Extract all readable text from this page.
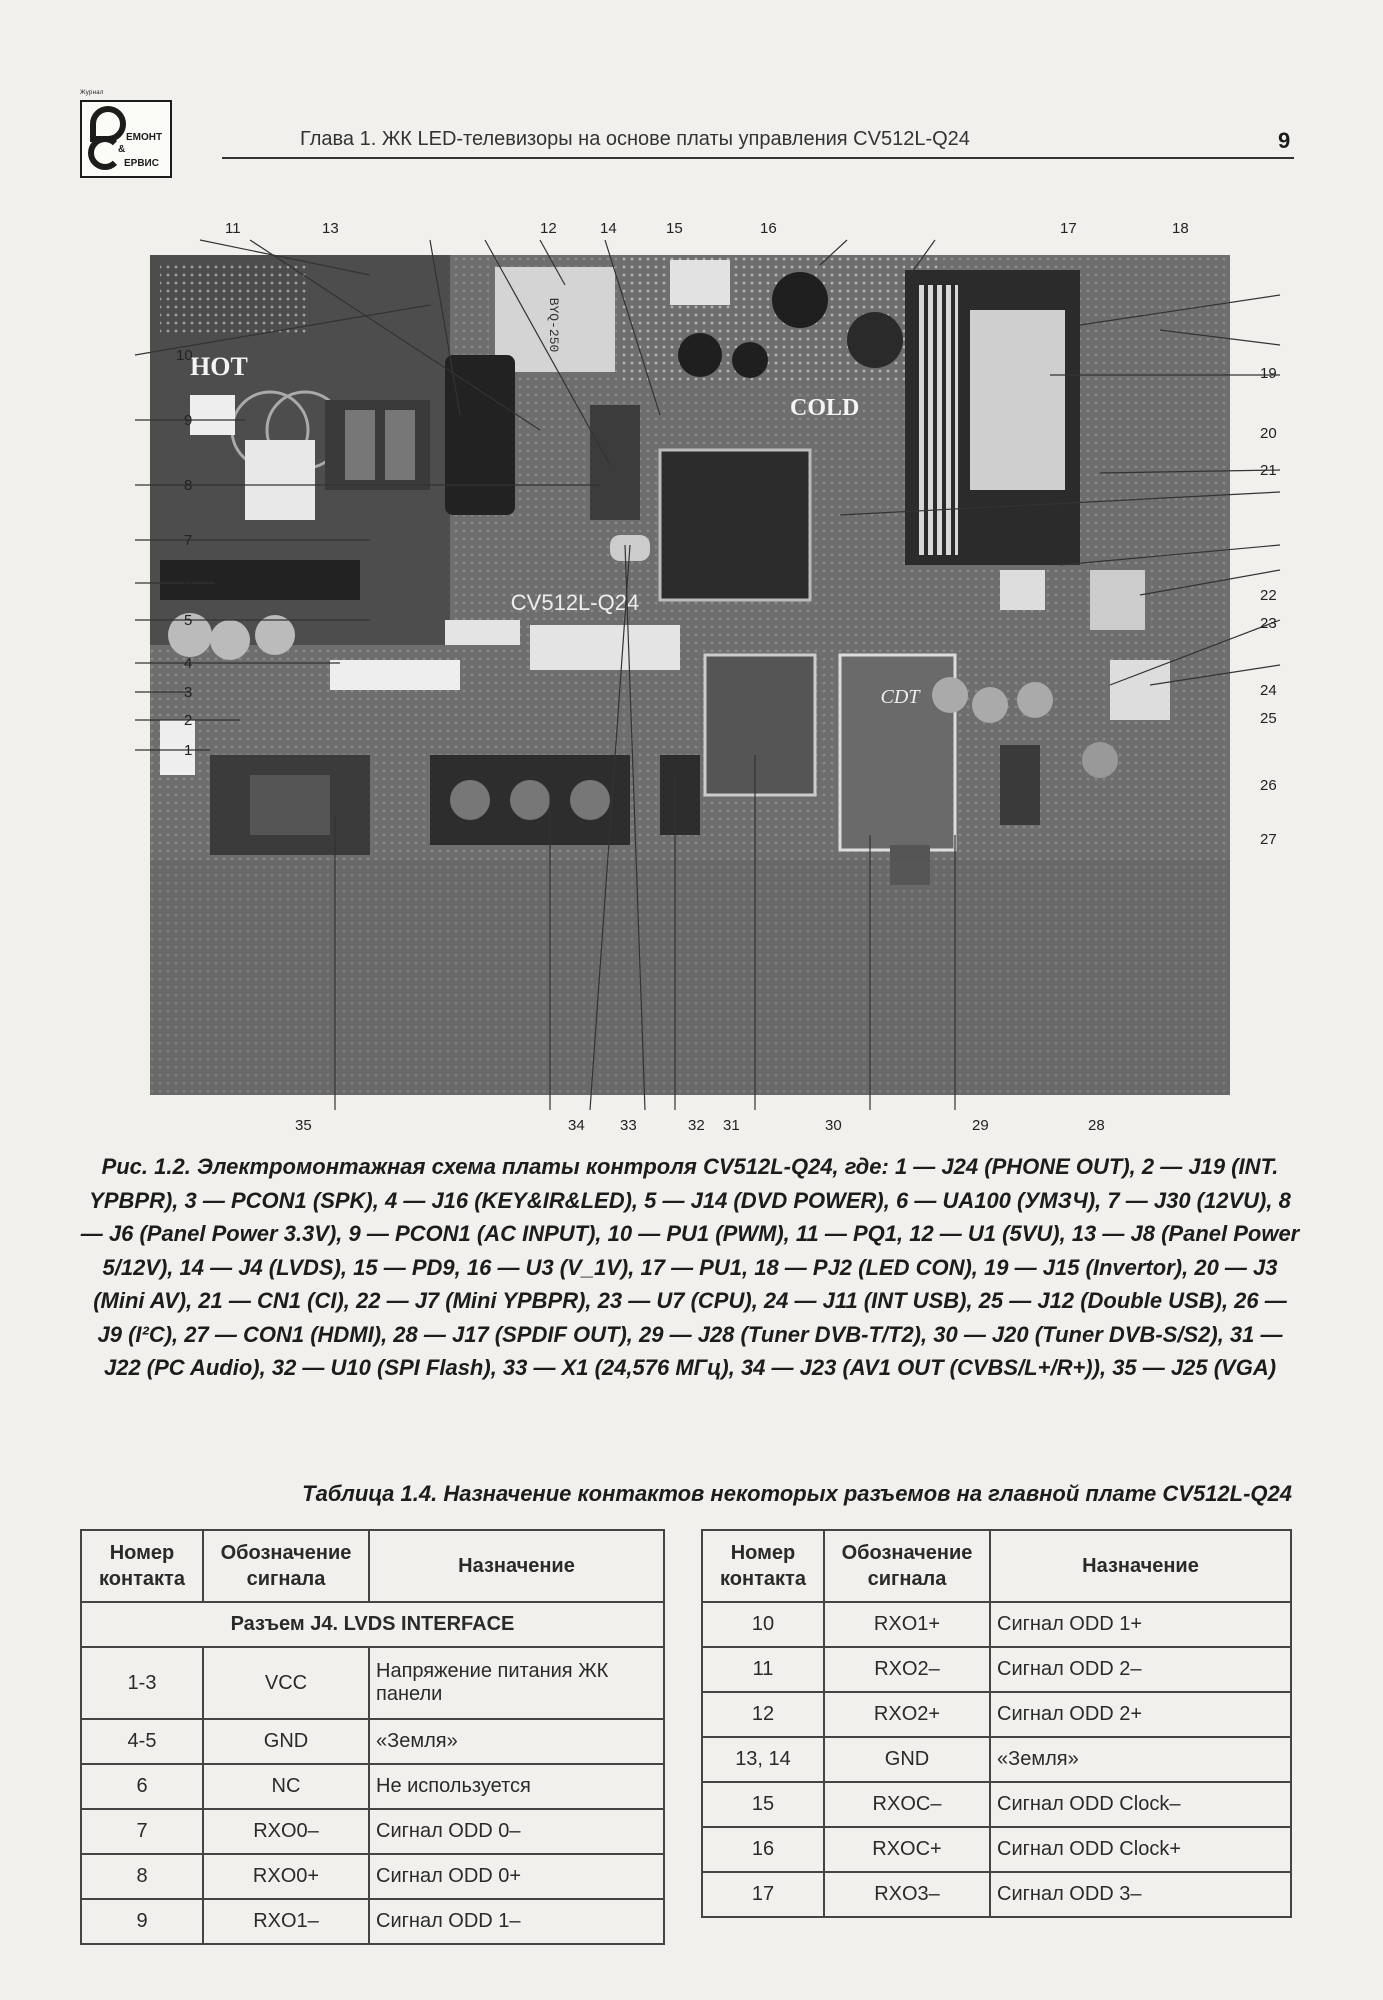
Журнал
ЕМОНТ
&
ЕРВИС
Глава 1. ЖК LED-телевизоры на основе платы управления CV512L-Q24	9
HOT
BYQ-250
COLD
CV512L-Q24
CDT
1
2
3
4
5
6
7
8
9
10
11	12
13	14	15	16	17	18
19
20
21
22
23
24
25
26
27
28
29
30
31
32
33
34
35
Рис. 1.2. Электромонтажная схема платы контроля CV512L-Q24, где: 1 — J24 (PHONE OUT), 2 — J19 (INT. YPBPR), 3 — PCON1 (SPK), 4 — J16 (KEY&IR&LED), 5 — J14 (DVD POWER), 6 — UA100 (УМЗЧ), 7 — J30 (12VU), 8 — J6 (Panel Power 3.3V), 9 — PCON1 (AC INPUT), 10 — PU1 (PWM), 11 — PQ1, 12 — U1 (5VU), 13 — J8 (Panel Power 5/12V), 14 — J4 (LVDS), 15 — PD9, 16 — U3 (V_1V), 17 — PU1, 18 — PJ2 (LED CON), 19 — J15 (Invertor), 20 — J3 (Mini AV), 21 — CN1 (CI), 22 — J7 (Mini YPBPR), 23 — U7 (CPU), 24 — J11 (INT USB), 25 — J12 (Double USB), 26 — J9 (I²C), 27 — CON1 (HDMI), 28 — J17 (SPDIF OUT), 29 — J28 (Tuner DVB-T/T2), 30 — J20 (Tuner DVB-S/S2), 31 — J22 (PC Audio), 32 — U10 (SPI Flash), 33 — X1 (24,576 МГц), 34 — J23 (AV1 OUT (CVBS/L+/R+)), 35 — J25 (VGA)
Таблица 1.4. Назначение контактов некоторых разъемов на главной плате CV512L-Q24
Номер контакта	Обозначение сигнала	Назначение
Разъем J4. LVDS INTERFACE		
1-3	VCC	Напряжение питания ЖК панели
4-5	GND	«Земля»
6	NC	Не используется
7	RXO0–	Сигнал ODD 0–
8	RXO0+	Сигнал ODD 0+
9	RXO1–	Сигнал ODD 1–
Номер контакта	Обозначение сигнала	Назначение
10	RXO1+	Сигнал ODD 1+
11	RXO2–	Сигнал ODD 2–
12	RXO2+	Сигнал ODD 2+
13, 14	GND	«Земля»
15	RXOC–	Сигнал ODD Clock–
16	RXOC+	Сигнал ODD Clock+
17	RXO3–	Сигнал ODD 3–
